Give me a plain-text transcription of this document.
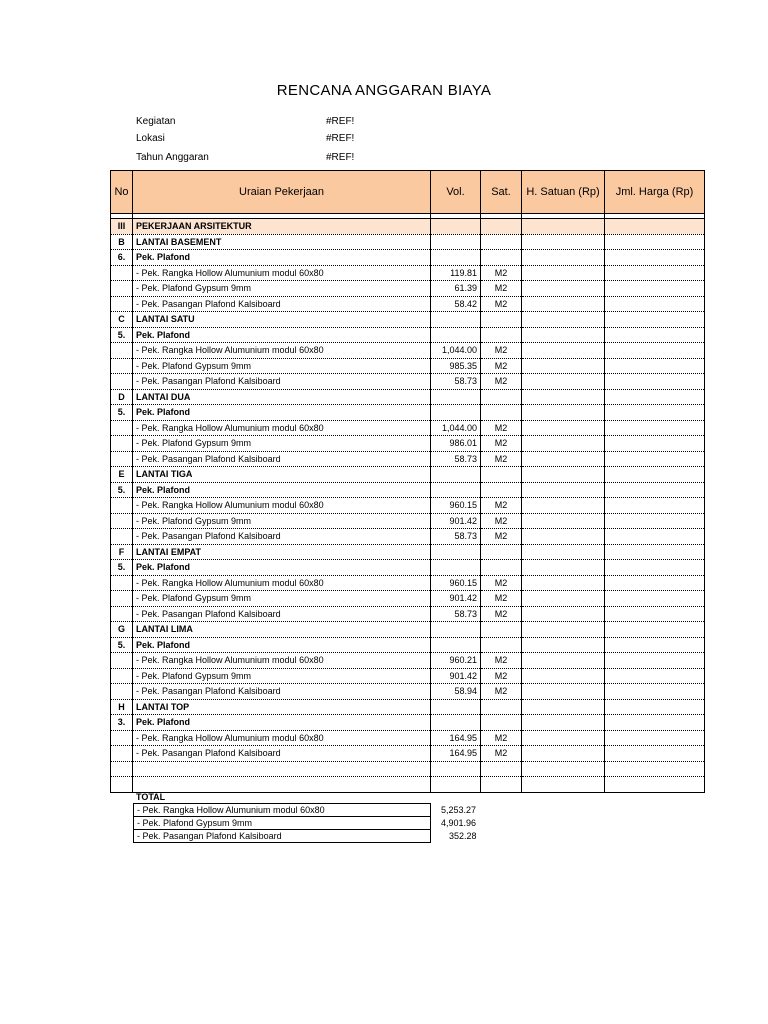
RENCANA ANGGARAN BIAYA
Kegiatan	#REF!
Lokasi	#REF!
Tahun Anggaran	#REF!
No	Uraian Pekerjaan	Vol.	Sat.	H. Satuan (Rp)	Jml. Harga (Rp)

III	PEKERJAAN ARSITEKTUR				
B	LANTAI BASEMENT				
6.	Pek. Plafond				
	- Pek. Rangka Hollow Alumunium modul 60x80	119.81	M2		
	- Pek. Plafond Gypsum 9mm	61.39	M2		
	- Pek. Pasangan Plafond Kalsiboard	58.42	M2		
C	LANTAI SATU				
5.	Pek. Plafond				
	- Pek. Rangka Hollow Alumunium modul 60x80	1,044.00	M2		
	- Pek. Plafond Gypsum 9mm	985.35	M2		
	- Pek. Pasangan Plafond Kalsiboard	58.73	M2		
D	LANTAI DUA				
5.	Pek. Plafond				
	- Pek. Rangka Hollow Alumunium modul 60x80	1,044.00	M2		
	- Pek. Plafond Gypsum 9mm	986.01	M2		
	- Pek. Pasangan Plafond Kalsiboard	58.73	M2		
E	LANTAI TIGA				
5.	Pek. Plafond				
	- Pek. Rangka Hollow Alumunium modul 60x80	960.15	M2		
	- Pek. Plafond Gypsum 9mm	901.42	M2		
	- Pek. Pasangan Plafond Kalsiboard	58.73	M2		
F	LANTAI EMPAT				
5.	Pek. Plafond				
	- Pek. Rangka Hollow Alumunium modul 60x80	960.15	M2		
	- Pek. Plafond Gypsum 9mm	901.42	M2		
	- Pek. Pasangan Plafond Kalsiboard	58.73	M2		
G	LANTAI LIMA				
5.	Pek. Plafond				
	- Pek. Rangka Hollow Alumunium modul 60x80	960.21	M2		
	- Pek. Plafond Gypsum 9mm	901.42	M2		
	- Pek. Pasangan Plafond Kalsiboard	58.94	M2		
H	LANTAI TOP				
3.	Pek. Plafond				
	- Pek. Rangka Hollow Alumunium modul 60x80	164.95	M2		
	- Pek. Pasangan Plafond Kalsiboard	164.95	M2		

TOTAL
- Pek. Rangka Hollow Alumunium modul 60x80	5,253.27
- Pek. Plafond Gypsum 9mm	4,901.96
- Pek. Pasangan Plafond Kalsiboard	352.28
